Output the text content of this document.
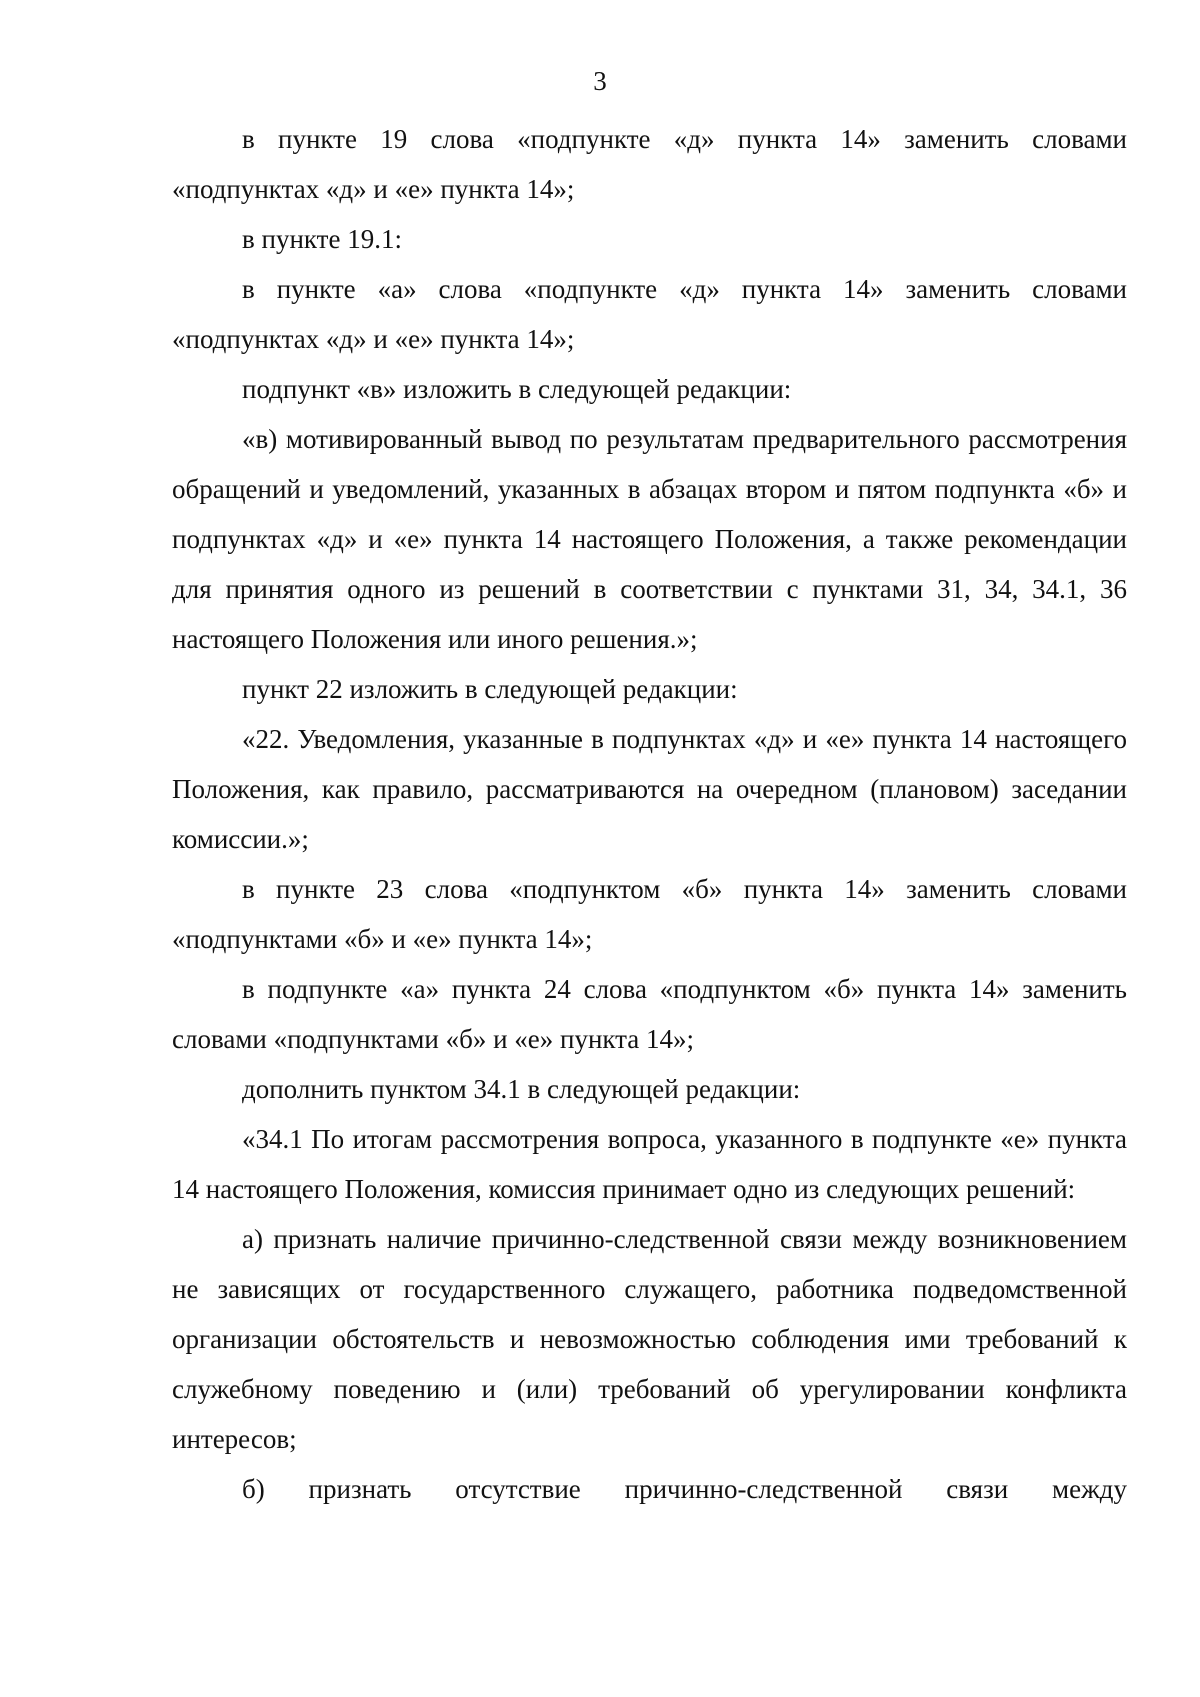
3

в пункте 19 слова «подпункте «д» пункта 14» заменить словами «подпунктах «д» и «е» пункта 14»;

в пункте 19.1:

в пункте «а» слова «подпункте «д» пункта 14» заменить словами «подпунктах «д» и «е» пункта 14»;

подпункт «в» изложить в следующей редакции:

«в) мотивированный вывод по результатам предварительного рассмотрения обращений и уведомлений, указанных в абзацах втором и пятом подпункта «б» и подпунктах «д» и «е» пункта 14 настоящего Положения, а также рекомендации для принятия одного из решений в соответствии с пунктами 31, 34, 34.1, 36 настоящего Положения или иного решения.»;

пункт 22 изложить в следующей редакции:

«22. Уведомления, указанные в подпунктах «д» и «е» пункта 14 настоящего Положения, как правило, рассматриваются на очередном (плановом) заседании комиссии.»;

в пункте 23 слова «подпунктом «б» пункта 14» заменить словами «подпунктами «б» и «е» пункта 14»;

в подпункте «а» пункта 24 слова «подпунктом «б» пункта 14» заменить словами «подпунктами «б» и «е» пункта 14»;

дополнить пунктом 34.1 в следующей редакции:

«34.1 По итогам рассмотрения вопроса, указанного в подпункте «е» пункта 14 настоящего Положения, комиссия принимает одно из следующих решений:

а) признать наличие причинно-следственной связи между возникновением не зависящих от государственного служащего, работника подведомственной организации обстоятельств и невозможностью соблюдения ими требований к служебному поведению и (или) требований об урегулировании конфликта интересов;

б) признать отсутствие причинно-следственной связи между
